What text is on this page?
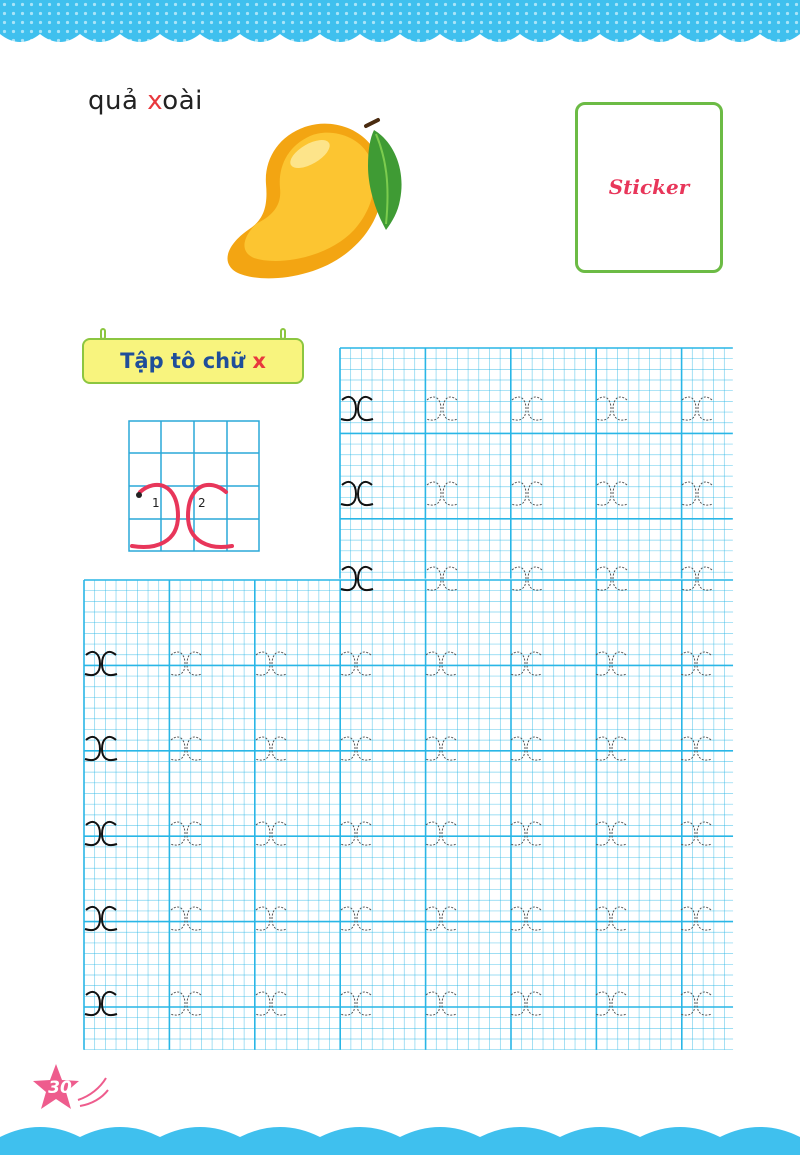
quả xoài
Sticker
Tập tô chữ x
1	2
30
